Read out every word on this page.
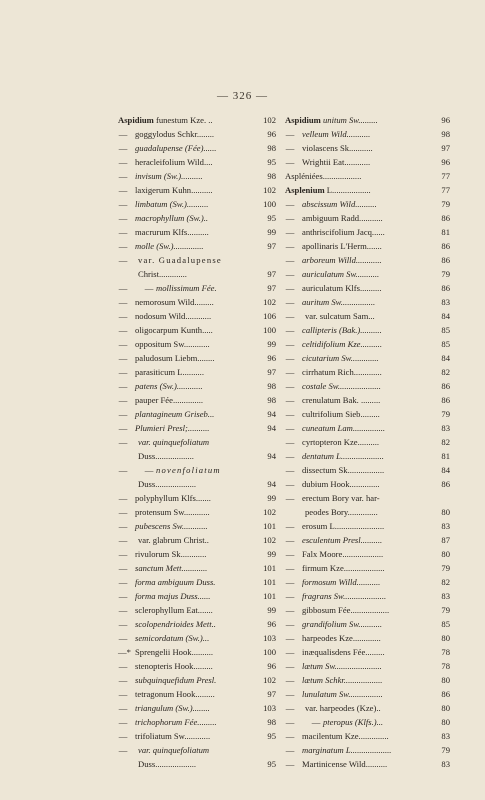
— 326 —
Aspidium funestum Kze. ..	102
— goggylodus Schkr........	96
— guadalupense (Fée)......	98
— heracleifolium Wild....	95
— invisum (Sw.)..........	98
— laxigerum Kuhn..........	102
— limbatum (Sw.)..........	100
— macrophyllum (Sw.)..	95
— macrurum Klfs..........	99
— molle (Sw.)..............	97
— var. Guadalupense
Christ.............	97
— — mollissimum Fée.	97
— nemorosum Wild.........	102
— nodosum Wild............	106
— oligocarpum Kunth.....	100
— oppositum Sw............	99
— paludosum Liebm........	96
— parasiticum L..........	97
— patens (Sw.)............	98
— pauper Fée..............	98
— plantagineum Griseb...	94
— Plumieri Presl;..........	94
— var. quinquefoliatum
Duss..................	94
— — novenfoliatum
Duss...................	94
— polyphyllum Klfs.......	99
— protensum Sw............	102
— pubescens Sw............	101
— var. glabrum Christ..	102
— rivulorum Sk............	99
— sanctum Mett............	101
— forma ambiguum Duss.	101
— forma majus Duss......	101
— sclerophyllum Eat.......	99
— scolopendrioides Mett..	96
— semicordatum (Sw.)...	103
—* Sprengelii Hook..........	100
— stenopteris Hook.........	96
— subquinquefidum Presl.	102
— tetragonum Hook.........	97
— triangulum (Sw.)........	103
— trichophorum Fée.........	98
— trifoliatum Sw............	95
— var. quinquefoliatum
Duss...................	95
Aspidium unitum Sw.........	96
— velleum Wild...........	98
— violascens Sk...........	97
— Wrightii Eat............	96
Aspléniées..................	77
Asplenium L..................	77
— abscissum Wild..........	79
— ambiguum Radd...........	86
— anthriscifolium Jacq......	81
— apollinaris L'Herm.......	86
— arboreum Willd............	86
— auriculatum Sw...........	79
— auriculatum Klfs..........	86
— auritum Sw................	83
— var. sulcatum Sam...	84
— callipteris (Bak.)..........	85
— celtidifolium Kze..........	85
— cicutarium Sw.............	84
— cirrhatum Rich.............	82
— costale Sw....................	86
— crenulatum Bak. .........	86
— cultrifolium Sieb.........	79
— cuneatum Lam...............	83
— cyrtopteron Kze..........	82
— dentatum L....................	81
— dissectum Sk.................	84
— dubium Hook..............	86
— erectum Bory var. har-
peodes Bory..............	80
— erosum L.......................	83
— esculentum Presl..........	87
— Falx Moore...................	80
— firmum Kze...................	79
— formosum Willd...........	82
— fragrans Sw....................	83
— gibbosum Fée..................	79
— grandifolium Sw...........	85
— harpeodes Kze.............	80
— inæqualisdens Fée.........	78
— lætum Sw......................	78
— lætum Schkr..................	80
— lunulatum Sw................	86
— var. harpeodes (Kze)..	80
— — pteropus (Klfs.)...	80
— macilentum Kze..............	83
— marginatum L...................	79
— Martinicense Wild..........	83
